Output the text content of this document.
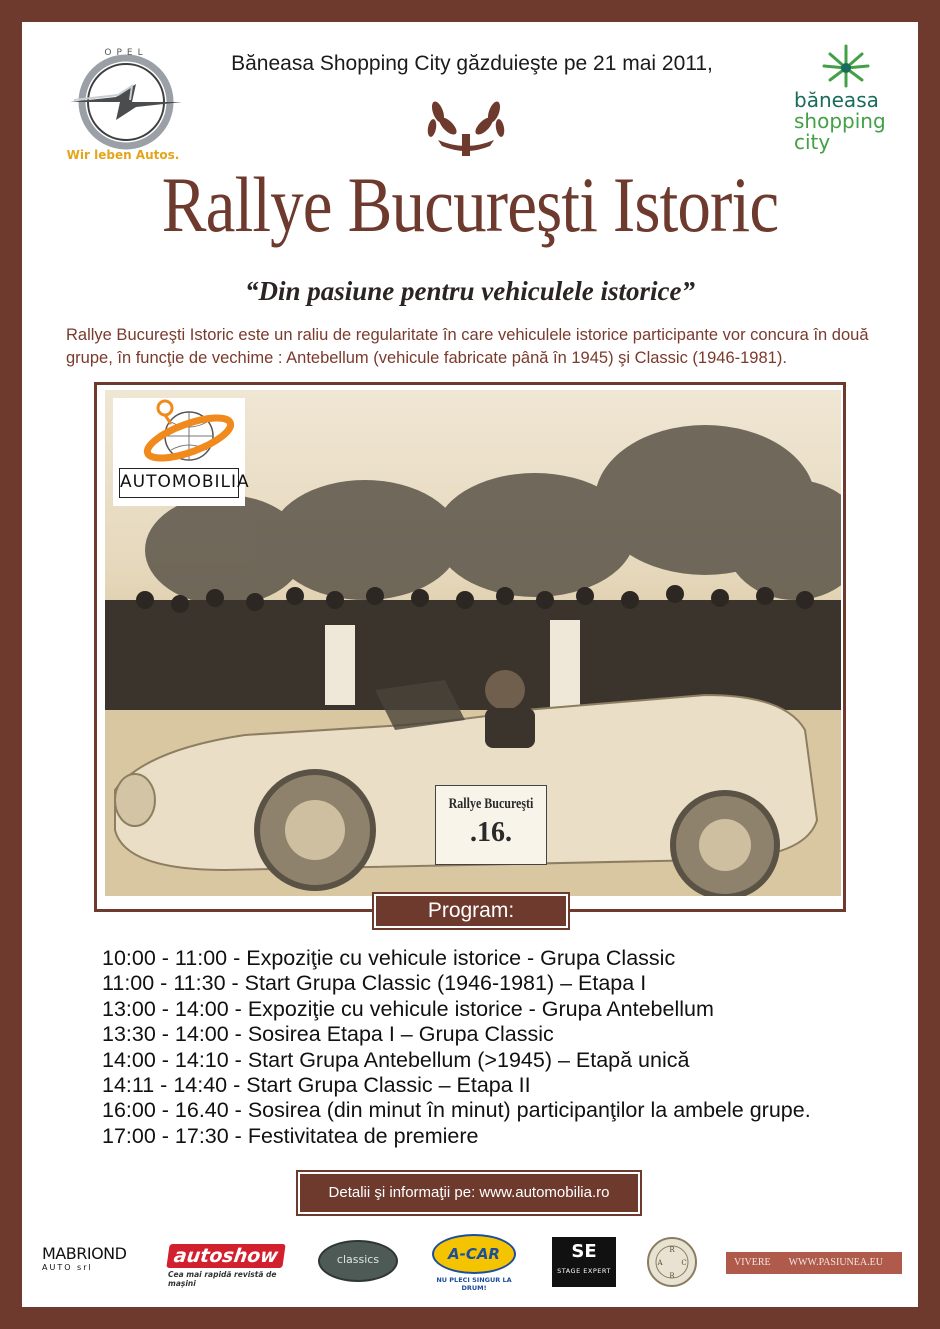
OPEL
Wir leben Autos.
Băneasa Shopping City găzduieşte pe 21 mai 2011,
băneasa
shopping
city
Rallye Bucureşti Istoric
“Din pasiune pentru vehiculele istorice”
Rallye Bucureşti Istoric este un raliu de regularitate în care vehiculele istorice participante vor concura în două grupe, în funcţie de vechime : Antebellum (vehicule fabricate până în 1945) şi Classic (1946-1981).
AUTOMOBILIA
Rallye Bucureşti
.16.
Program:
10:00 - 11:00 - Expoziţie cu vehicule istorice - Grupa Classic
11:00 - 11:30 - Start Grupa Classic (1946-1981) – Etapa I
13:00 - 14:00 - Expoziţie cu vehicule istorice - Grupa Antebellum
13:30 - 14:00 - Sosirea Etapa I – Grupa Classic
14:00 - 14:10 - Start Grupa Antebellum (>1945) – Etapă unică
14:11 - 14:40 - Start Grupa Classic – Etapa II
16:00 - 16.40 - Sosirea (din minut în minut) participanţilor la ambele grupe.
17:00 - 17:30 - Festivitatea de premiere
Detalii şi informaţii pe: www.automobilia.ro
MABRIOND
AUTO srl
autoshow
Cea mai rapidă revistă de maşini
classics	A-CAR
NU PLECI SINGUR LA DRUM!
SE
STAGE EXPERT
R
A	C
R
VIVERE WWW.PASIUNEA.EU
